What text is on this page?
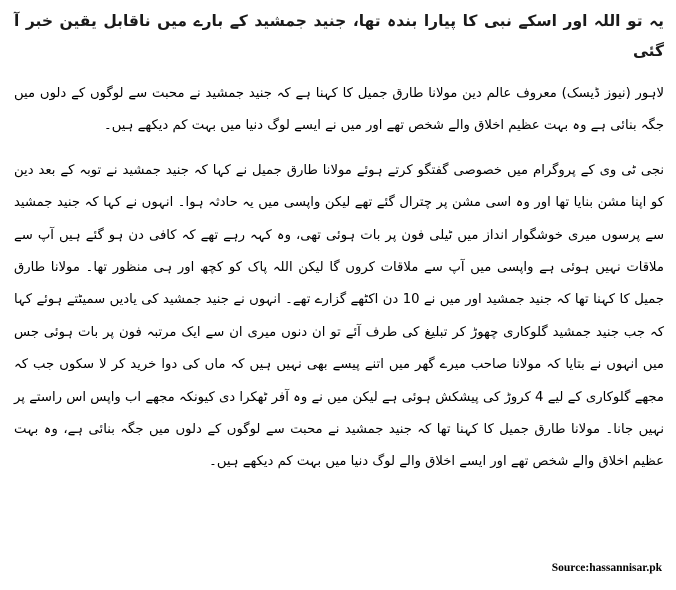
یہ تو اللہ اور اسکے نبی کا پیارا بندہ تھا، جنید جمشید کے بارے میں ناقابل یقین خبر آ گئی

لاہور (نیوز ڈیسک) معروف عالم دین مولانا طارق جمیل کا کہنا ہے کہ جنید جمشید نے محبت سے لوگوں کے دلوں میں جگہ بنائی ہے وہ بہت عظیم اخلاق والے شخص تھے اور میں نے ایسے لوگ دنیا میں بہت کم دیکھے ہیں۔

نجی ٹی وی کے پروگرام میں خصوصی گفتگو کرتے ہوئے مولانا طارق جمیل نے کہا کہ جنید جمشید نے توبہ کے بعد دین کو اپنا مشن بنایا تھا اور وہ اسی مشن پر چترال گئے تھے لیکن واپسی میں یہ حادثہ ہوا۔ انہوں نے کہا کہ جنید جمشید سے پرسوں میری خوشگوار انداز میں ٹیلی فون پر بات ہوئی تھی، وہ کہہ رہے تھے کہ کافی دن ہو گئے ہیں آپ سے ملاقات نہیں ہوئی ہے واپسی میں آپ سے ملاقات کروں گا لیکن اللہ پاک کو کچھ اور ہی منظور تھا۔ مولانا طارق جمیل کا کہنا تھا کہ جنید جمشید اور میں نے 10 دن اکٹھے گزارے تھے۔ انہوں نے جنید جمشید کی یادیں سمیٹتے ہوئے کہا کہ جب جنید جمشید گلوکاری چھوڑ کر تبلیغ کی طرف آئے تو ان دنوں میری ان سے ایک مرتبہ فون پر بات ہوئی جس میں انہوں نے بتایا کہ مولانا صاحب میرے گھر میں اتنے پیسے بھی نہیں ہیں کہ ماں کی دوا خرید کر لا سکوں جب کہ مجھے گلوکاری کے لیے 4 کروڑ کی پیشکش ہوئی ہے لیکن میں نے وہ آفر ٹھکرا دی کیونکہ مجھے اب واپس اس راستے پر نہیں جانا۔ مولانا طارق جمیل کا کہنا تھا کہ جنید جمشید نے محبت سے لوگوں کے دلوں میں جگہ بنائی ہے، وہ بہت عظیم اخلاق والے شخص تھے اور ایسے اخلاق والے لوگ دنیا میں بہت کم دیکھے ہیں۔

Source:hassannisar.pk
